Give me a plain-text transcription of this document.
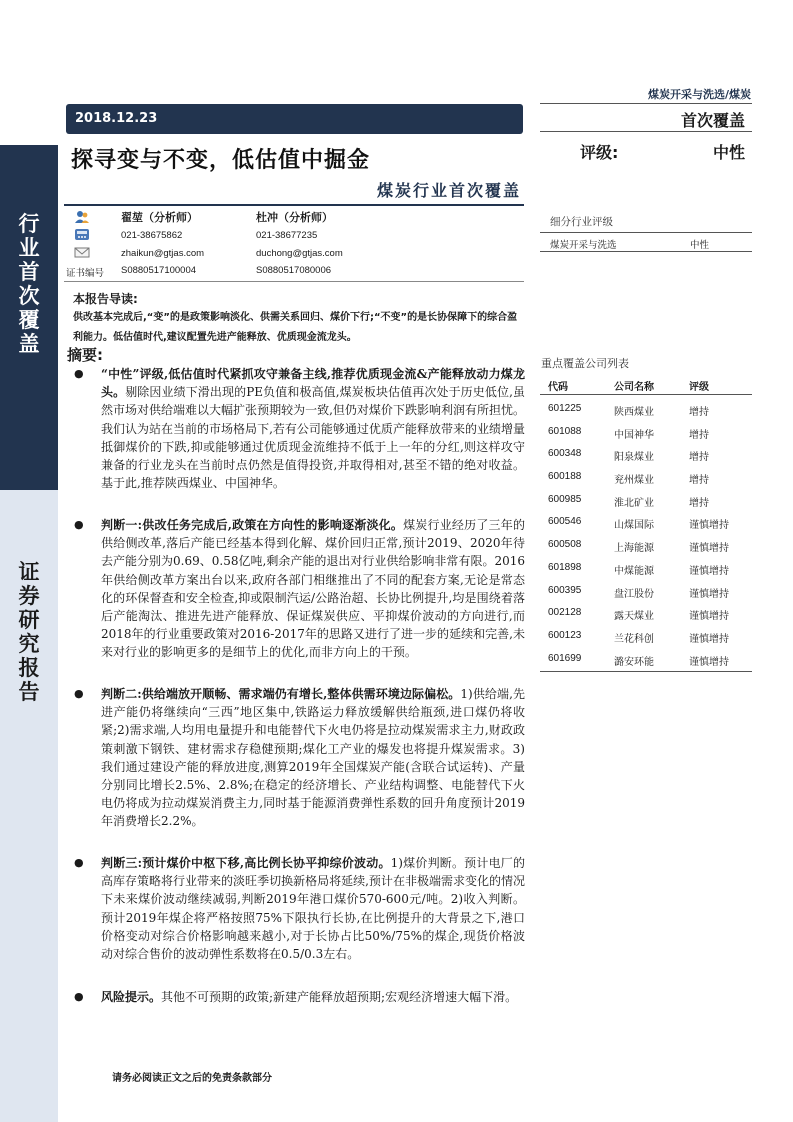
行
业
首
次
覆
盖
证
券
研
究
报
告
煤炭开采与洗选/煤炭
2018.12.23	首次覆盖
评级:	中性
探寻变与不变，低估值中掘金
煤炭行业首次覆盖
翟堃（分析师）	杜冲（分析师）
021-38675862	021-38677235
zhaikun@gtjas.com	duchong@gtjas.com
证书编号 S0880517100004	S0880517080006
本报告导读:
供改基本完成后,“变”的是政策影响淡化、供需关系回归、煤价下行;“不变”的是长协保障下的综合盈利能力。低估值时代,建议配置先进产能释放、优质现金流龙头。
摘要:
● “中性”评级,低估值时代紧抓攻守兼备主线,推荐优质现金流&产能释放动力煤龙头。剔除因业绩下滑出现的PE负值和极高值,煤炭板块估值再次处于历史低位,虽然市场对供给端难以大幅扩张预期较为一致,但仍对煤价下跌影响利润有所担忧。我们认为站在当前的市场格局下,若有公司能够通过优质产能释放带来的业绩增量抵御煤价的下跌,抑或能够通过优质现金流维持不低于上一年的分红,则这样攻守兼备的行业龙头在当前时点仍然是值得投资,并取得相对,甚至不错的绝对收益。基于此,推荐陕西煤业、中国神华。
● 判断一:供改任务完成后,政策在方向性的影响逐渐淡化。煤炭行业经历了三年的供给侧改革,落后产能已经基本得到化解、煤价回归正常,预计2019、2020年待去产能分别为0.69、0.58亿吨,剩余产能的退出对行业供给影响非常有限。2016年供给侧改革方案出台以来,政府各部门相继推出了不同的配套方案,无论是常态化的环保督查和安全检查,抑或限制汽运/公路治超、长协比例提升,均是围绕着落后产能淘汰、推进先进产能释放、保证煤炭供应、平抑煤价波动的方向进行,而2018年的行业重要政策对2016-2017年的思路又进行了进一步的延续和完善,未来对行业的影响更多的是细节上的优化,而非方向上的干预。
● 判断二:供给端放开顺畅、需求端仍有增长,整体供需环境边际偏松。1)供给端,先进产能仍将继续向“三西”地区集中,铁路运力释放缓解供给瓶颈,进口煤仍将收紧;2)需求端,人均用电量提升和电能替代下火电仍将是拉动煤炭需求主力,财政政策刺激下钢铁、建材需求存稳健预期;煤化工产业的爆发也将提升煤炭需求。3)我们通过建设产能的释放进度,测算2019年全国煤炭产能(含联合试运转)、产量分别同比增长2.5%、2.8%;在稳定的经济增长、产业结构调整、电能替代下火电仍将成为拉动煤炭消费主力,同时基于能源消费弹性系数的回升角度预计2019年消费增长2.2%。
● 判断三:预计煤价中枢下移,高比例长协平抑综价波动。1)煤价判断。预计电厂的高库存策略将行业带来的淡旺季切换新格局将延续,预计在非极端需求变化的情况下未来煤价波动继续减弱,判断2019年港口煤价570-600元/吨。2)收入判断。预计2019年煤企将严格按照75%下限执行长协,在比例提升的大背景之下,港口价格变动对综合价格影响越来越小,对于长协占比50%/75%的煤企,现货价格波动对综合售价的波动弹性系数将在0.5/0.3左右。
● 风险提示。其他不可预期的政策;新建产能释放超预期;宏观经济增速大幅下滑。
请务必阅读正文之后的免责条款部分
细分行业评级
煤炭开采与洗选	中性
重点覆盖公司列表
代码	公司名称	评级
601225	陕西煤业	增持
601088	中国神华	增持
600348	阳泉煤业	增持
600188	兖州煤业	增持
600985	淮北矿业	增持
600546	山煤国际	谨慎增持
600508	上海能源	谨慎增持
601898	中煤能源	谨慎增持
600395	盘江股份	谨慎增持
002128	露天煤业	谨慎增持
600123	兰花科创	谨慎增持
601699	潞安环能	谨慎增持
